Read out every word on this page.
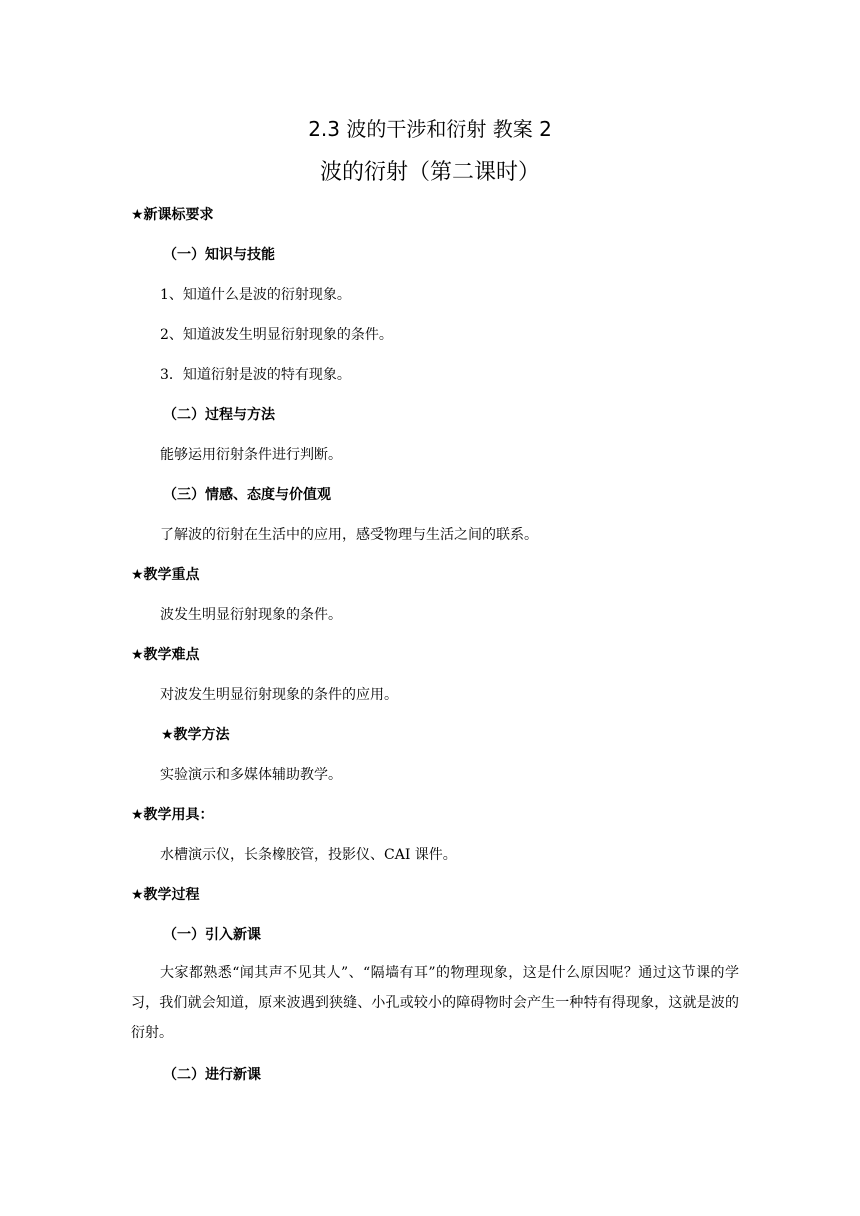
2.3 波的干涉和衍射 教案 2
波的衍射（第二课时）
★新课标要求
（一）知识与技能
1、知道什么是波的衍射现象。
2、知道波发生明显衍射现象的条件。
3．知道衍射是波的特有现象。
（二）过程与方法
能够运用衍射条件进行判断。
（三）情感、态度与价值观
了解波的衍射在生活中的应用，感受物理与生活之间的联系。
★教学重点
波发生明显衍射现象的条件。
★教学难点
对波发生明显衍射现象的条件的应用。
★教学方法
实验演示和多媒体辅助教学。
★教学用具：
水槽演示仪，长条橡胶管，投影仪、CAI 课件。
★教学过程
（一）引入新课
大家都熟悉“闻其声不见其人”、“隔墙有耳”的物理现象，这是什么原因呢？通过这节课的学习，我们就会知道，原来波遇到狭缝、小孔或较小的障碍物时会产生一种特有得现象，这就是波的衍射。
（二）进行新课
